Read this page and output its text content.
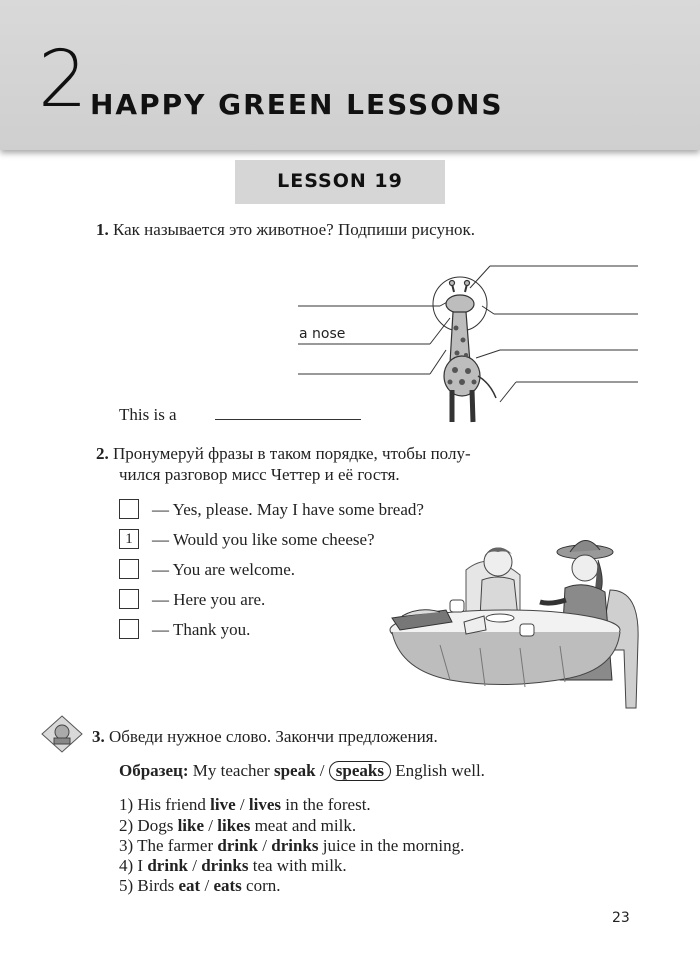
2 HAPPY GREEN LESSONS
LESSON 19
1. Как называется это животное? Подпиши рисунок.
a nose
This is a
2. Пронумеруй фразы в таком порядке, чтобы полу-
чился разговор мисс Четтер и её гостя.
— Yes, please. May I have some bread?
1	— Would you like some cheese?
— You are welcome.
— Here you are.
— Thank you.
3. Обведи нужное слово. Закончи предложения.
Образец: My teacher speak / speaks English well.
1) His friend live / lives in the forest.
2) Dogs like / likes meat and milk.
3) The farmer drink / drinks juice in the morning.
4) I drink / drinks tea with milk.
5) Birds eat / eats corn.
23
